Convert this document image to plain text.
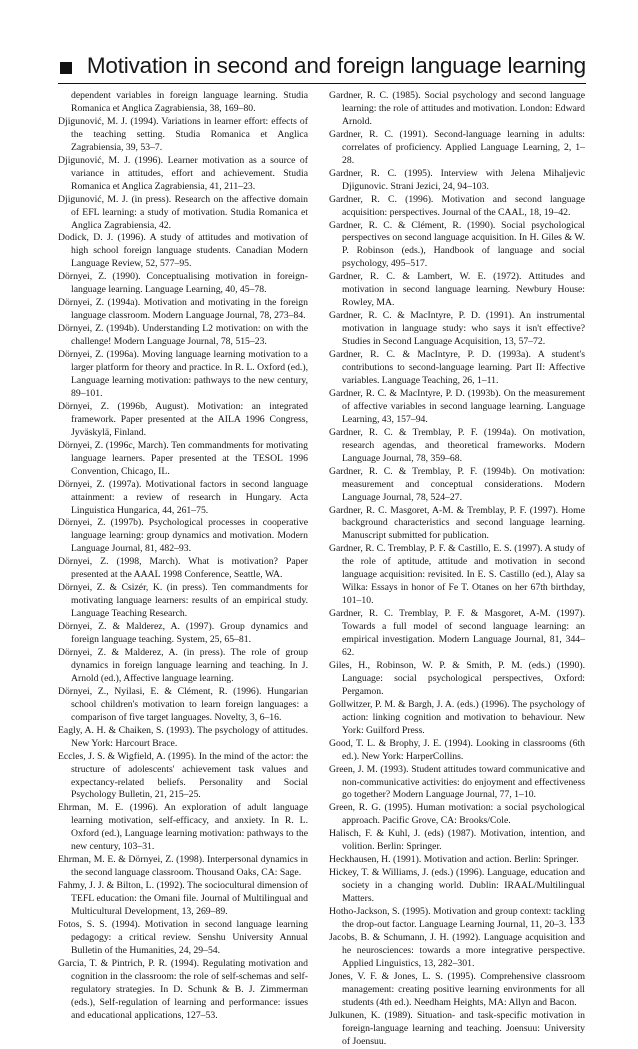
Motivation in second and foreign language learning

dependent variables in foreign language learning. Studia Romanica et Anglica Zagrabiensia, 38, 169–80.

Djigunović, M. J. (1994). Variations in learner effort: effects of the teaching setting. Studia Romanica et Anglica Zagrabiensia, 39, 53–7.

Djigunović, M. J. (1996). Learner motivation as a source of variance in attitudes, effort and achievement. Studia Romanica et Anglica Zagrabiensia, 41, 211–23.

Djigunović, M. J. (in press). Research on the affective domain of EFL learning: a study of motivation. Studia Romanica et Anglica Zagrabiensia, 42.

Dodick, D. J. (1996). A study of attitudes and motivation of high school foreign language students. Canadian Modern Language Review, 52, 577–95.

Dörnyei, Z. (1990). Conceptualising motivation in foreign-language learning. Language Learning, 40, 45–78.

Dörnyei, Z. (1994a). Motivation and motivating in the foreign language classroom. Modern Language Journal, 78, 273–84.

Dörnyei, Z. (1994b). Understanding L2 motivation: on with the challenge! Modern Language Journal, 78, 515–23.

Dörnyei, Z. (1996a). Moving language learning motivation to a larger platform for theory and practice. In R. L. Oxford (ed.), Language learning motivation: pathways to the new century, 89–101.

Dörnyei, Z. (1996b, August). Motivation: an integrated framework. Paper presented at the AILA 1996 Congress, Jyväskylä, Finland.

Dörnyei, Z. (1996c, March). Ten commandments for motivating language learners. Paper presented at the TESOL 1996 Convention, Chicago, IL.

Dörnyei, Z. (1997a). Motivational factors in second language attainment: a review of research in Hungary. Acta Linguistica Hungarica, 44, 261–75.

Dörnyei, Z. (1997b). Psychological processes in cooperative language learning: group dynamics and motivation. Modern Language Journal, 81, 482–93.

Dörnyei, Z. (1998, March). What is motivation? Paper presented at the AAAL 1998 Conference, Seattle, WA.

Dörnyei, Z. & Csizér, K. (in press). Ten commandments for motivating language learners: results of an empirical study. Language Teaching Research.

Dörnyei, Z. & Malderez, A. (1997). Group dynamics and foreign language teaching. System, 25, 65–81.

Dörnyei, Z. & Malderez, A. (in press). The role of group dynamics in foreign language learning and teaching. In J. Arnold (ed.), Affective language learning.

Dörnyei, Z., Nyilasi, E. & Clément, R. (1996). Hungarian school children's motivation to learn foreign languages: a comparison of five target languages. Novelty, 3, 6–16.

Eagly, A. H. & Chaiken, S. (1993). The psychology of attitudes. New York: Harcourt Brace.

Eccles, J. S. & Wigfield, A. (1995). In the mind of the actor: the structure of adolescents' achievement task values and expectancy-related beliefs. Personality and Social Psychology Bulletin, 21, 215–25.

Ehrman, M. E. (1996). An exploration of adult language learning motivation, self-efficacy, and anxiety. In R. L. Oxford (ed.), Language learning motivation: pathways to the new century, 103–31.

Ehrman, M. E. & Dörnyei, Z. (1998). Interpersonal dynamics in the second language classroom. Thousand Oaks, CA: Sage.

Fahmy, J. J. & Bilton, L. (1992). The sociocultural dimension of TEFL education: the Omani file. Journal of Multilingual and Multicultural Development, 13, 269–89.

Fotos, S. S. (1994). Motivation in second language learning pedagogy: a critical review. Senshu University Annual Bulletin of the Humanities, 24, 29–54.

Garcia, T. & Pintrich, P. R. (1994). Regulating motivation and cognition in the classroom: the role of self-schemas and self-regulatory strategies. In D. Schunk & B. J. Zimmerman (eds.), Self-regulation of learning and performance: issues and educational applications, 127–53.

Gardner, R. C. (1985). Social psychology and second language learning: the role of attitudes and motivation. London: Edward Arnold.

Gardner, R. C. (1991). Second-language learning in adults: correlates of proficiency. Applied Language Learning, 2, 1–28.

Gardner, R. C. (1995). Interview with Jelena Mihaljevic Djigunovic. Strani Jezici, 24, 94–103.

Gardner, R. C. (1996). Motivation and second language acquisition: perspectives. Journal of the CAAL, 18, 19–42.

Gardner, R. C. & Clément, R. (1990). Social psychological perspectives on second language acquisition. In H. Giles & W. P. Robinson (eds.), Handbook of language and social psychology, 495–517.

Gardner, R. C. & Lambert, W. E. (1972). Attitudes and motivation in second language learning. Newbury House: Rowley, MA.

Gardner, R. C. & MacIntyre, P. D. (1991). An instrumental motivation in language study: who says it isn't effective? Studies in Second Language Acquisition, 13, 57–72.

Gardner, R. C. & MacIntyre, P. D. (1993a). A student's contributions to second-language learning. Part II: Affective variables. Language Teaching, 26, 1–11.

Gardner, R. C. & MacIntyre, P. D. (1993b). On the measurement of affective variables in second language learning. Language Learning, 43, 157–94.

Gardner, R. C. & Tremblay, P. F. (1994a). On motivation, research agendas, and theoretical frameworks. Modern Language Journal, 78, 359–68.

Gardner, R. C. & Tremblay, P. F. (1994b). On motivation: measurement and conceptual considerations. Modern Language Journal, 78, 524–27.

Gardner, R. C. Masgoret, A-M. & Tremblay, P. F. (1997). Home background characteristics and second language learning. Manuscript submitted for publication.

Gardner, R. C. Tremblay, P. F. & Castillo, E. S. (1997). A study of the role of aptitude, attitude and motivation in second language acquisition: revisited. In E. S. Castillo (ed.), Alay sa Wilka: Essays in honor of Fe T. Otanes on her 67th birthday, 101–10.

Gardner, R. C. Tremblay, P. F. & Masgoret, A-M. (1997). Towards a full model of second language learning: an empirical investigation. Modern Language Journal, 81, 344–62.

Giles, H., Robinson, W. P. & Smith, P. M. (eds.) (1990). Language: social psychological perspectives, Oxford: Pergamon.

Gollwitzer, P. M. & Bargh, J. A. (eds.) (1996). The psychology of action: linking cognition and motivation to behaviour. New York: Guilford Press.

Good, T. L. & Brophy, J. E. (1994). Looking in classrooms (6th ed.). New York: HarperCollins.

Green, J. M. (1993). Student attitudes toward communicative and non-communicative activities: do enjoyment and effectiveness go together? Modern Language Journal, 77, 1–10.

Green, R. G. (1995). Human motivation: a social psychological approach. Pacific Grove, CA: Brooks/Cole.

Halisch, F. & Kuhl, J. (eds) (1987). Motivation, intention, and volition. Berlin: Springer.

Heckhausen, H. (1991). Motivation and action. Berlin: Springer.

Hickey, T. & Williams, J. (eds.) (1996). Language, education and society in a changing world. Dublin: IRAAL/Multilingual Matters.

Hotho-Jackson, S. (1995). Motivation and group context: tackling the drop-out factor. Language Learning Journal, 11, 20–3.

Jacobs, B. & Schumann, J. H. (1992). Language acquisition and he neurosciences: towards a more integrative perspective. Applied Linguistics, 13, 282–301.

Jones, V. F. & Jones, L. S. (1995). Comprehensive classroom management: creating positive learning environments for all students (4th ed.). Needham Heights, MA: Allyn and Bacon.

Julkunen, K. (1989). Situation- and task-specific motivation in foreign-language learning and teaching. Joensuu: University of Joensuu.

133
